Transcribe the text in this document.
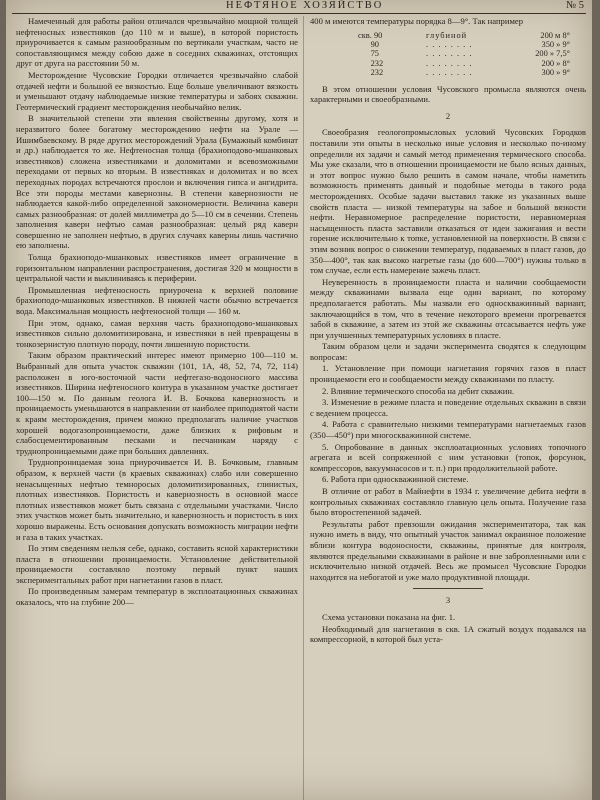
НЕФТЯНОЕ ХОЗЯЙСТВО	№ 5

Намеченный для работы район отличался чрезвычайно мощной толщей нефтеносных известняков (до 110 м и выше), в которой пористость приурочивается к самым разнообразным по вертикали участкам, часто не сопоставляющимся между собою даже в соседних скважинах, отстоящих друг от друга на расстоянии 50 м.

Месторождение Чусовские Городки отличается чрезвычайно слабой отдачей нефти и большой ее вязкостью. Еще больше увеличивают вязкость и уменьшают отдачу наблюдаемые низкие температуры и забоях скважин. Геотермический градиент месторождения необычайно велик.

В значительной степени эти явления свойственны другому, хотя и неразвитого более богатому месторождению нефти на Урале — Ишимбаевскому. В ряде других месторождений Урала (Бумажный комбинат и др.) наблюдается то же. Нефтеносная толща (брахиоподово-мшанковых известняков) сложена известняками и доломитами и всевозможными переходами от первых ко вторым. В известняках и доломитах и во всех переходных породах встречаются прослои и включения гипса и ангидрита. Все эти породы местами кавернозны. В степени кавернозности не наблюдается какой-либо определенной закономерности. Величина каверн самых разнообразная: от долей миллиметра до 5—10 см в сечении. Степень заполнения каверн нефтью самая разнообразная: целый ряд каверн совершенно не заполнен нефтью, в других случаях каверны лишь частично ею заполнены.

Толща брахиоподо-мшанковых известняков имеет ограничение в горизонтальном направлении распространения, достигая 320 м мощности в центральной части и выклиниваясь к периферии.

Промышленная нефтеносность приурочена к верхней половине брахиоподо-мшанковых известняков. В нижней части обычно встречается вода. Максимальная мощность нефтеносной толщи — 160 м.

При этом, однако, самая верхняя часть брахиоподово-мшанковых известняков сильно доломитизирована, и известняки в ней превращены в тонкозернистую плотную породу, почти лишенную пористости.

Таким образом практический интерес имеют примерно 100—110 м. Выбранный для опыта участок скважин (101, 1А, 48, 52, 74, 72, 114) расположен в юго-восточной части нефтегазо-водоносного массива известняков. Ширина нефтеносного контура в указанном участке достигает 100—150 м. По данным геолога И. В. Бочкова кавернозность и проницаемость уменьшаются в направлении от наиболее приподнятой части к краям месторождения, причем можно предполагать наличие участков хорошей водогазопроницаемости, даже близких к рифовым и слабосцементированным песками и песчаникам наряду с труднопроницаемыми даже при больших давлениях.

Труднопроницаемая зона приурочивается И. В. Бочковым, главным образом, к верхней части (в краевых скважинах) слабо или совершенно ненасыщенных нефтью темноросых доломитизированных, глинистых, плотных известняков. Пористость и кавернозность в основной массе плотных известняков может быть связана с отдельными участками. Число этих участков может быть значительно, и кавернозность и пористость в них хорошо выражены. Есть основания допускать возможность миграции нефти и газа в таких участках.

По этим сведениям нельзя себе, однако, составить ясной характеристики пласта в отношении проницаемости. Установление действительной проницаемости составляло поэтому первый пункт наших экспериментальных работ при нагнетании газов в пласт.

По произведенным замерам температур в эксплоатационных скважинах оказалось, что на глубине 200—

400 м имеются температуры порядка 8—9°. Так например

скв. 90	глубиной	200 м 8°
90	. . . . . . . .	350 » 9°
75	. . . . . . . .	200 » 7,5°
232	. . . . . . . .	200 » 8°
232	. . . . . . . .	300 » 9°

В этом отношении условия Чусовского промысла являются очень характерными и своеобразными.

2

Своеобразия геологопромысловых условий Чусовских Городков поставили эти опыты в несколько иные условия и несколько по-иному определили их задачи и самый метод применения термического способа. Мы уже сказали, что в отношении проницаемости не было ясных данных, и этот вопрос нужно было решить в самом начале, чтобы наметить возможность применять данный и подобные методы в такого рода месторождениях. Особые задачи выставил также из указанных выше свойств пласта — низкой температуры на забое и большой вязкости нефти. Неравномерное распределение пористости, неравномерная насыщенность пласта заставили отказаться от идеи зажигания и вести горение исключительно к топке, установленной на поверхности. В связи с этим возник вопрос о снижении температур, подаваемых в пласт газов, до 350—400°, так как высоко нагретые газы (до 600—700°) нужны только в том случае, если есть намерение зажечь пласт.

Неуверенность в проницаемости пласта и наличии сообщаемости между скважинами вызвала еще один вариант, по которому предполагается работать. Мы назвали его односкважинный вариант, заключающийся в том, что в течение некоторого времени прогревается забой в скважине, а затем из этой же скважины отсасывается нефть уже при улучшенных температурных условиях в пласте.

Таким образом цели и задачи эксперимента сводятся к следующим вопросам:

1. Установление при помощи нагнетания горячих газов в пласт проницаемости его и сообщаемости между скважинами по пласту.

2. Влияние термического способа на дебит скважин.

3. Изменение в режиме пласта и поведение отдельных скважин в связи с ведением процесса.

4. Работа с сравнительно низкими температурами нагнетаемых газов (350—450°) при многоскважинной системе.

5. Опробование в данных эксплоатационных условиях топочного агрегата и всей сопряженной с ним установки (топок, форсунок, компрессоров, вакуумнасосов и т. п.) при продолжительной работе.

6. Работа при односкважинной системе.

В отличие от работ в Майнефти в 1934 г. увеличение дебита нефти в контрольных скважинах составляло главную цель опыта. Получение газа было второстепенной задачей.

Результаты работ превзошли ожидания экспериментатора, так как нужно иметь в виду, что опытный участок занимал окраинное положение вблизи контура водоносности, скважины, принятые для контроля, являются предельными скважинами в районе и вне забропленными или с исключительно низкой отдачей. Весь же промысел Чусовские Городки находится на небогатой и уже мало продуктивной площади.

3

Схема установки показана на фиг. 1.

Необходимый для нагнетания в скв. 1А сжатый воздух подавался на компрессорной, в которой был уста-
